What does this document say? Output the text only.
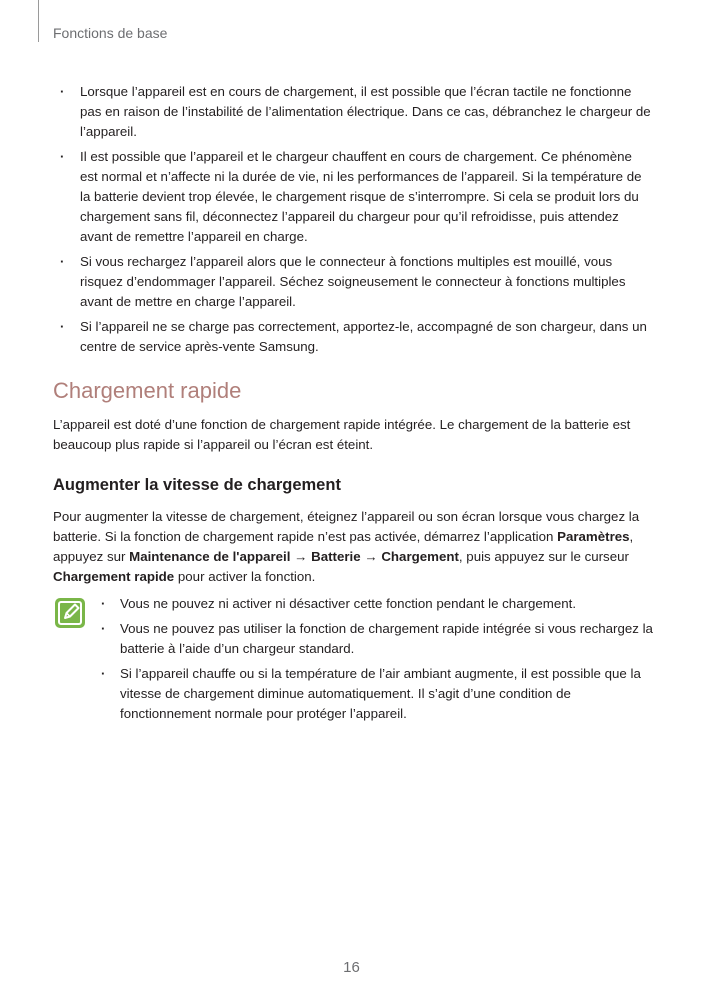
Fonctions de base
· Lorsque l’appareil est en cours de chargement, il est possible que l’écran tactile ne fonctionne pas en raison de l’instabilité de l’alimentation électrique. Dans ce cas, débranchez le chargeur de l’appareil.
· Il est possible que l’appareil et le chargeur chauffent en cours de chargement. Ce phénomène est normal et n’affecte ni la durée de vie, ni les performances de l’appareil. Si la température de la batterie devient trop élevée, le chargement risque de s’interrompre. Si cela se produit lors du chargement sans fil, déconnectez l’appareil du chargeur pour qu’il refroidisse, puis attendez avant de remettre l’appareil en charge.
· Si vous rechargez l’appareil alors que le connecteur à fonctions multiples est mouillé, vous risquez d’endommager l’appareil. Séchez soigneusement le connecteur à fonctions multiples avant de mettre en charge l’appareil.
· Si l’appareil ne se charge pas correctement, apportez-le, accompagné de son chargeur, dans un centre de service après-vente Samsung.
Chargement rapide

L’appareil est doté d’une fonction de chargement rapide intégrée. Le chargement de la batterie est beaucoup plus rapide si l’appareil ou l’écran est éteint.

Augmenter la vitesse de chargement

Pour augmenter la vitesse de chargement, éteignez l’appareil ou son écran lorsque vous chargez la batterie. Si la fonction de chargement rapide n’est pas activée, démarrez l’application Paramètres, appuyez sur Maintenance de l'appareil → Batterie → Chargement, puis appuyez sur le curseur Chargement rapide pour activer la fonction.

· Vous ne pouvez ni activer ni désactiver cette fonction pendant le chargement.
· Vous ne pouvez pas utiliser la fonction de chargement rapide intégrée si vous rechargez la batterie à l’aide d’un chargeur standard.
· Si l’appareil chauffe ou si la température de l’air ambiant augmente, il est possible que la vitesse de chargement diminue automatiquement. Il s’agit d’une condition de fonctionnement normale pour protéger l’appareil.
16
